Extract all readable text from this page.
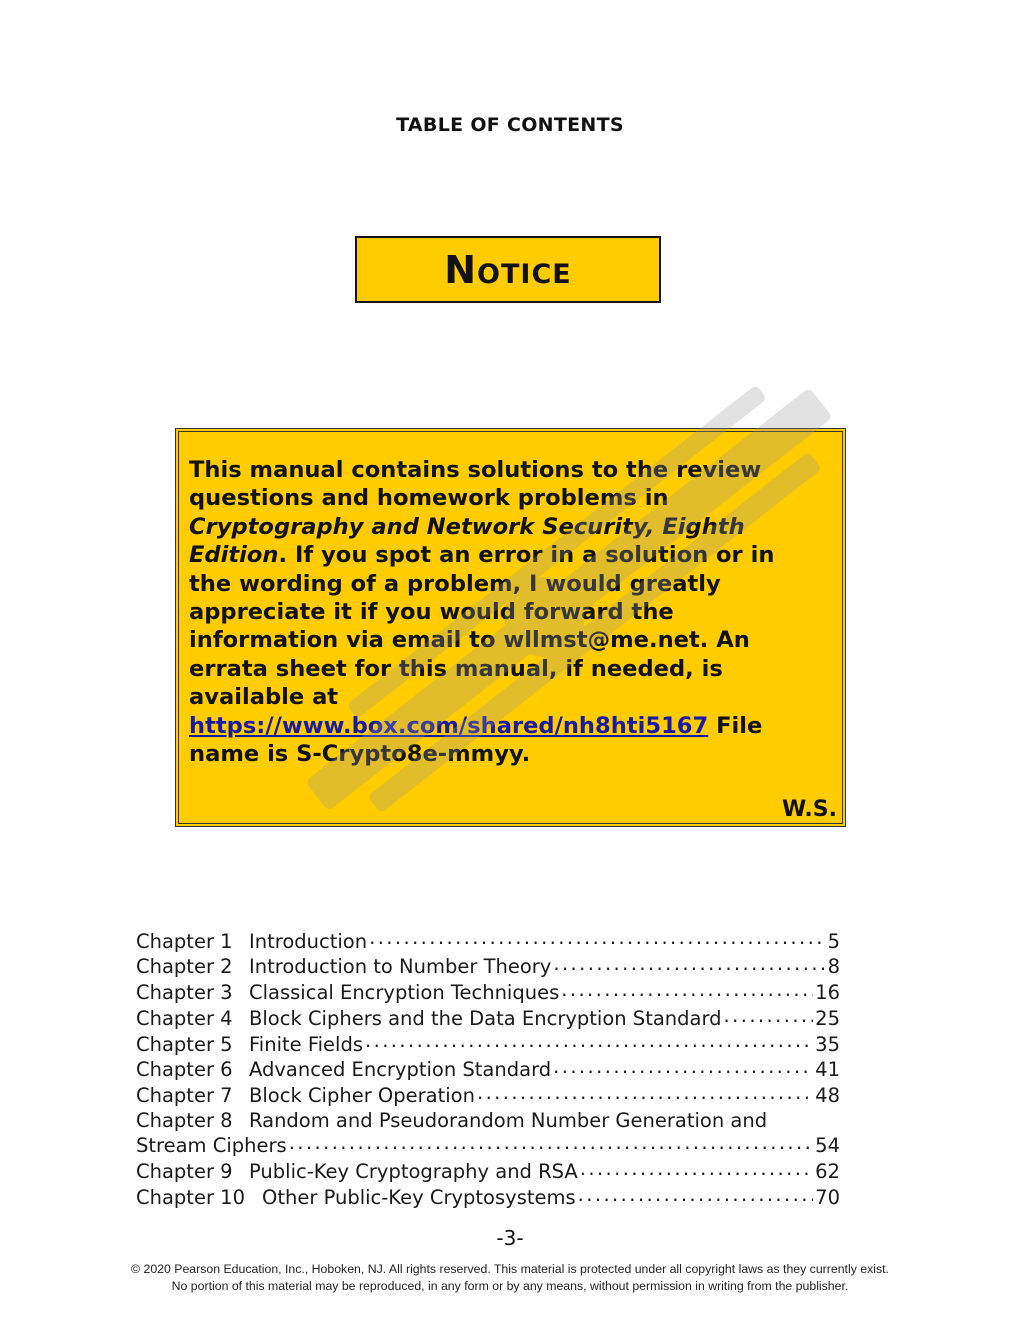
TABLE OF CONTENTS
Notice
This manual contains solutions to the review
questions and homework problems in
Cryptography and Network Security, Eighth
Edition. If you spot an error in a solution or in
the wording of a problem, I would greatly
appreciate it if you would forward the
information via email to wllmst@me.net. An
errata sheet for this manual, if needed, is
available at
https://www.box.com/shared/nh8hti5167 File
name is S-Crypto8e-mmyy.
W.S.
Chapter 1 Introduction .....	5
Chapter 2 Introduction to Number Theory .....	8
Chapter 3 Classical Encryption Techniques .....	16
Chapter 4 Block Ciphers and the Data Encryption Standard .....	25
Chapter 5 Finite Fields .....	35
Chapter 6 Advanced Encryption Standard .....	41
Chapter 7 Block Cipher Operation .....	48
Chapter 8 Random and Pseudorandom Number Generation and
Stream Ciphers .....	54
Chapter 9 Public-Key Cryptography and RSA .....	62
Chapter 10 Other Public-Key Cryptosystems .....	70
-3-
© 2020 Pearson Education, Inc., Hoboken, NJ. All rights reserved. This material is protected under all copyright laws as they currently exist.
No portion of this material may be reproduced, in any form or by any means, without permission in writing from the publisher.
